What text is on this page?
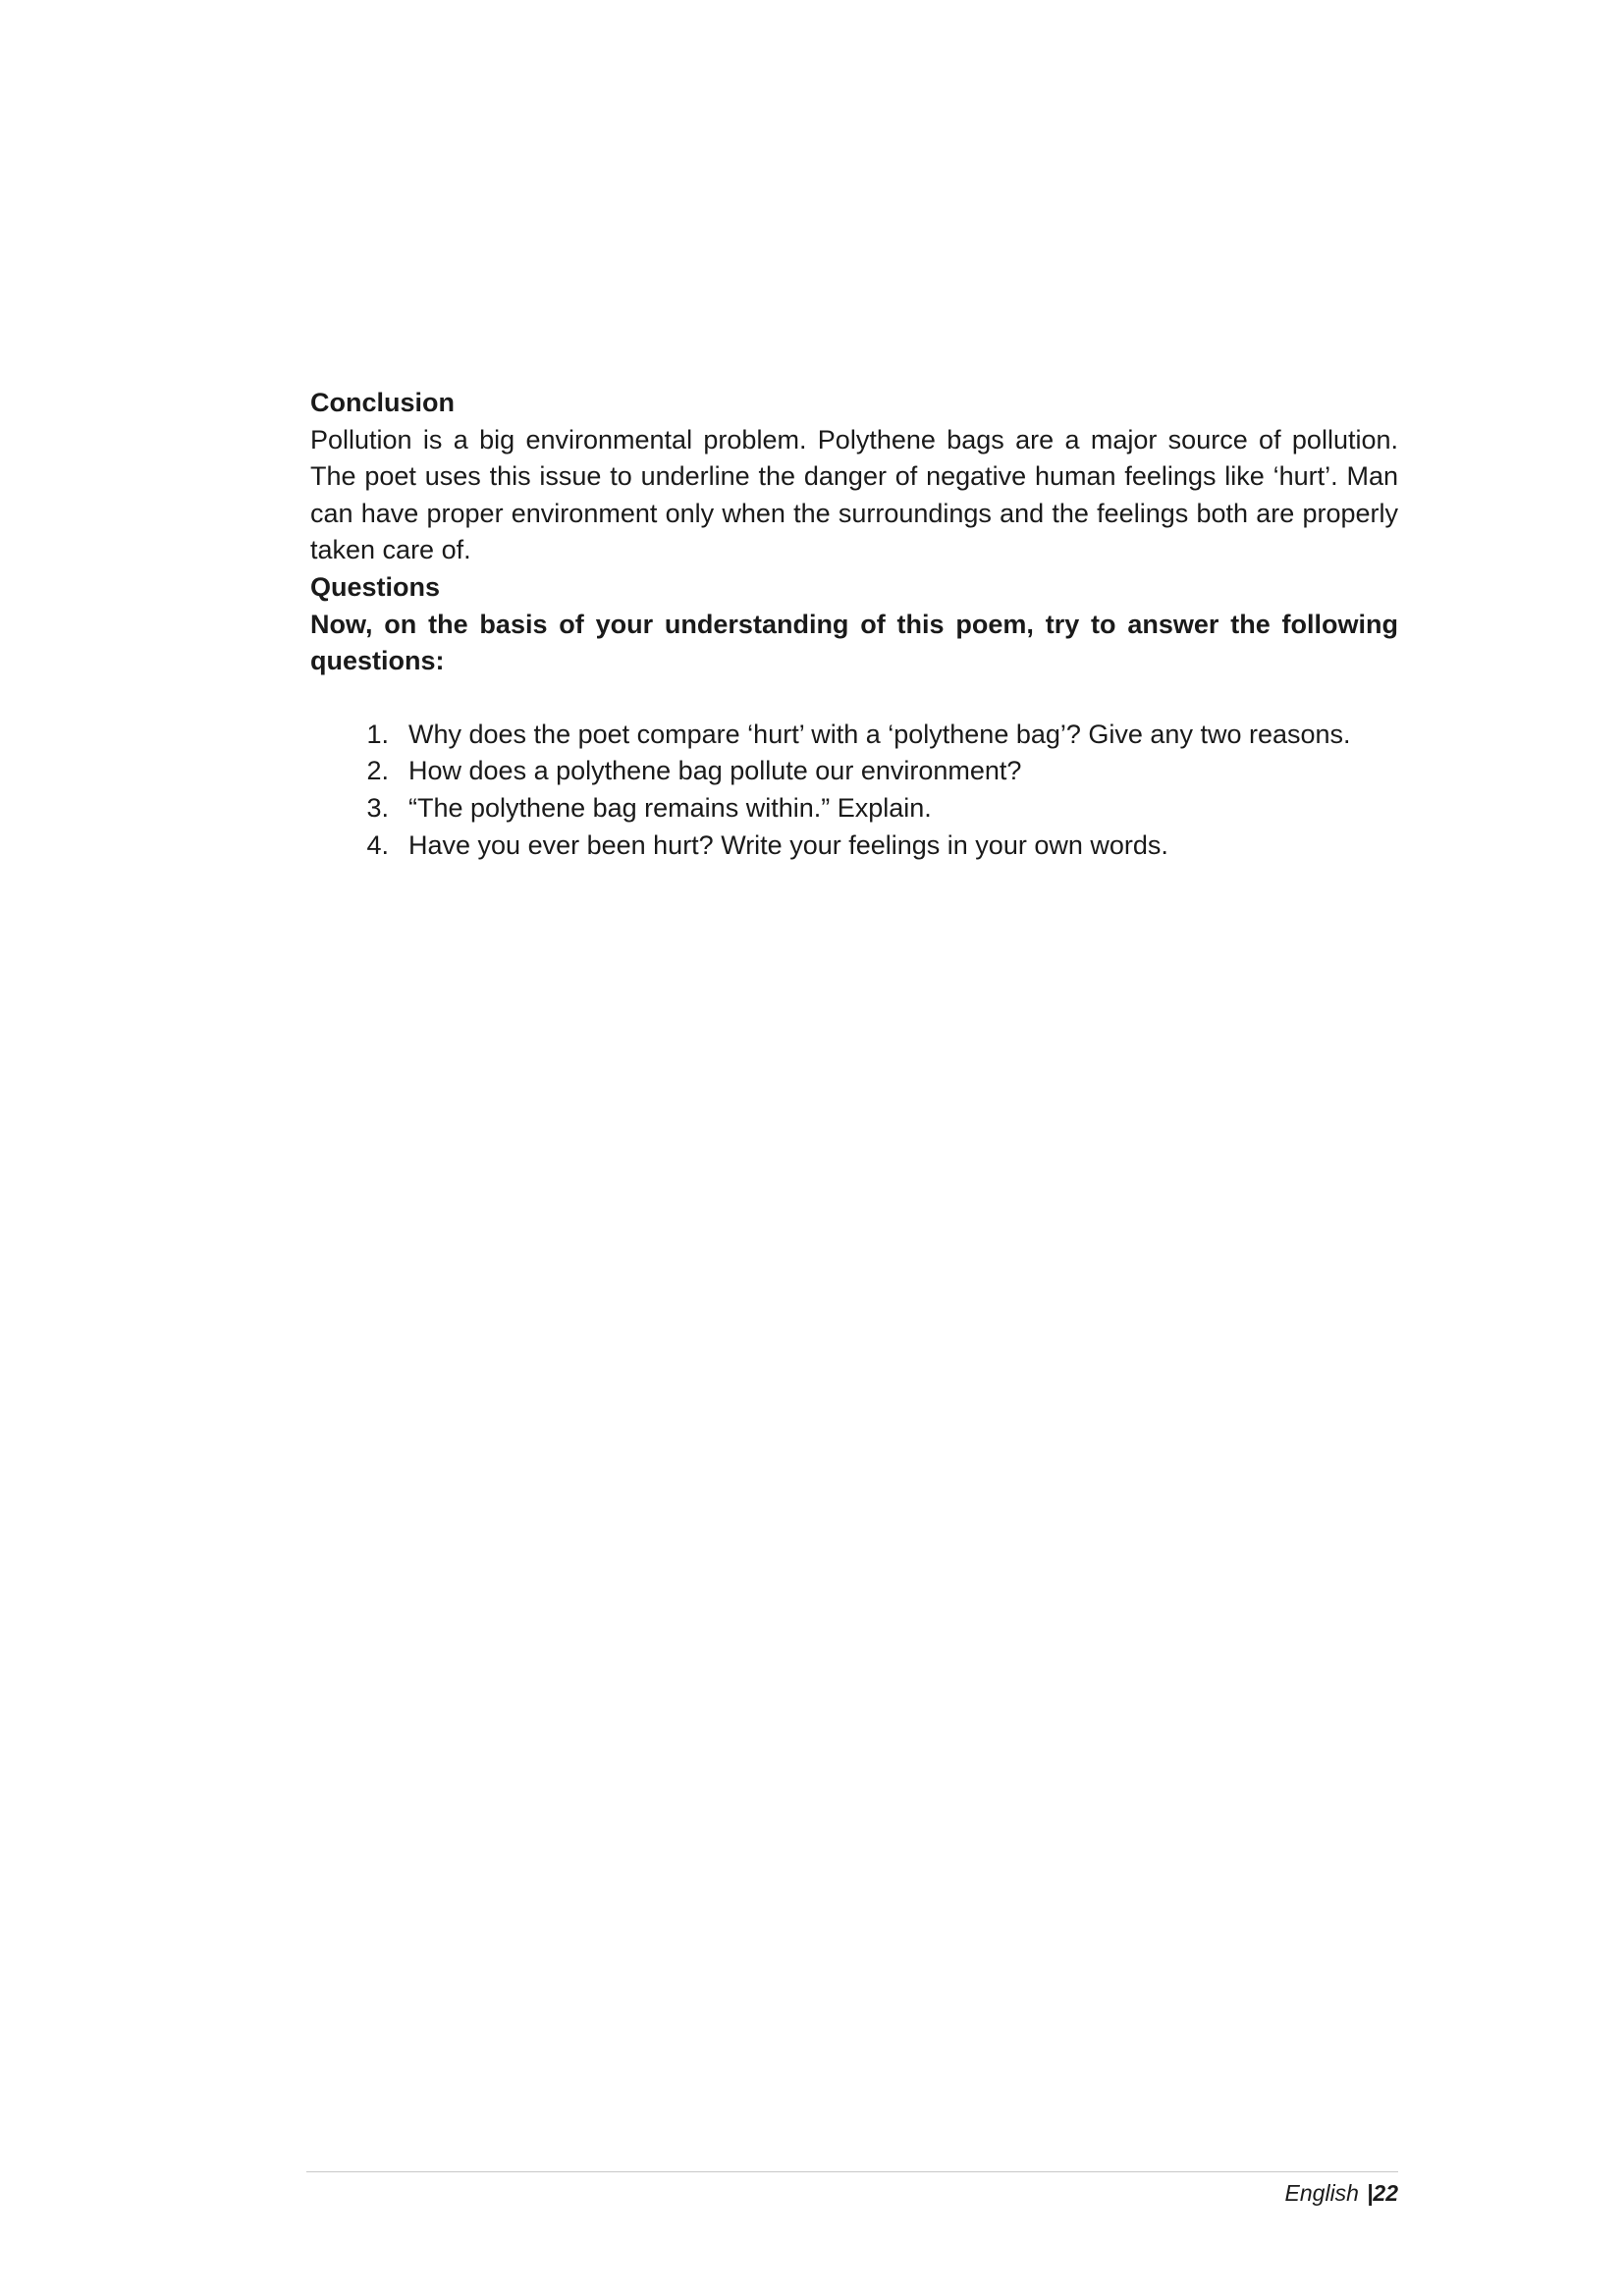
Conclusion

Pollution is a big environmental problem. Polythene bags are a major source of pollution. The poet uses this issue to underline the danger of negative human feelings like ‘hurt’. Man can have proper environment only when the surroundings and the feelings both are properly taken care of.

Questions

Now, on the basis of your understanding of this poem, try to answer the following questions:

1. Why does the poet compare ‘hurt’ with a ‘polythene bag’? Give any two reasons.
2. How does a polythene bag pollute our environment?
3. “The polythene bag remains within.” Explain.
4. Have you ever been hurt? Write your feelings in your own words.
English |22
